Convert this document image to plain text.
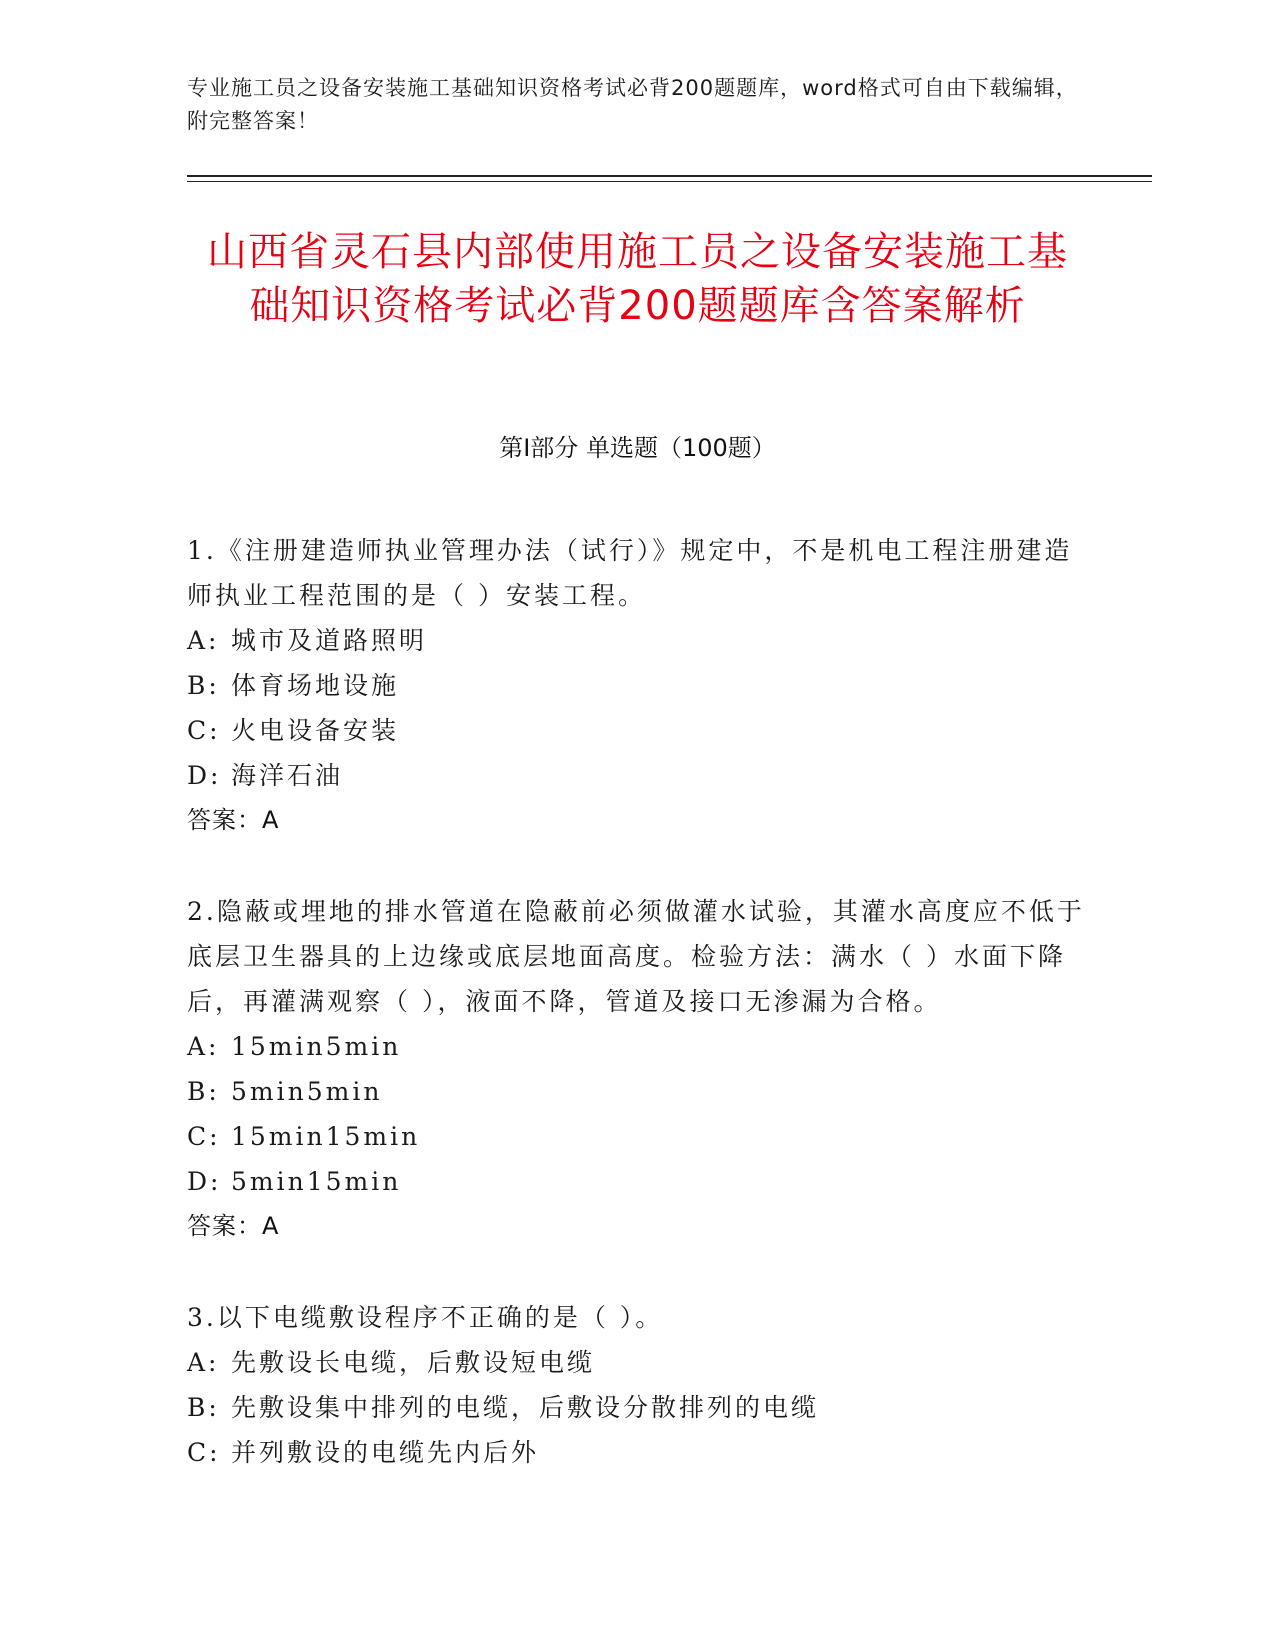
专业施工员之设备安装施工基础知识资格考试必背200题题库，word格式可自由下载编辑，附完整答案！
山西省灵石县内部使用施工员之设备安装施工基础知识资格考试必背200题题库含答案解析
第Ⅰ部分 单选题（100题）
1.《注册建造师执业管理办法（试行）》规定中，不是机电工程注册建造师执业工程范围的是（ ）安装工程。
A: 城市及道路照明
B: 体育场地设施
C: 火电设备安装
D: 海洋石油
答案：A
2.隐蔽或埋地的排水管道在隐蔽前必须做灌水试验，其灌水高度应不低于底层卫生器具的上边缘或底层地面高度。检验方法：满水（ ）水面下降后，再灌满观察（ ），液面不降，管道及接口无渗漏为合格。
A: 15min5min
B: 5min5min
C: 15min15min
D: 5min15min
答案：A
3.以下电缆敷设程序不正确的是（ ）。
A: 先敷设长电缆，后敷设短电缆
B: 先敷设集中排列的电缆，后敷设分散排列的电缆
C: 并列敷设的电缆先内后外
